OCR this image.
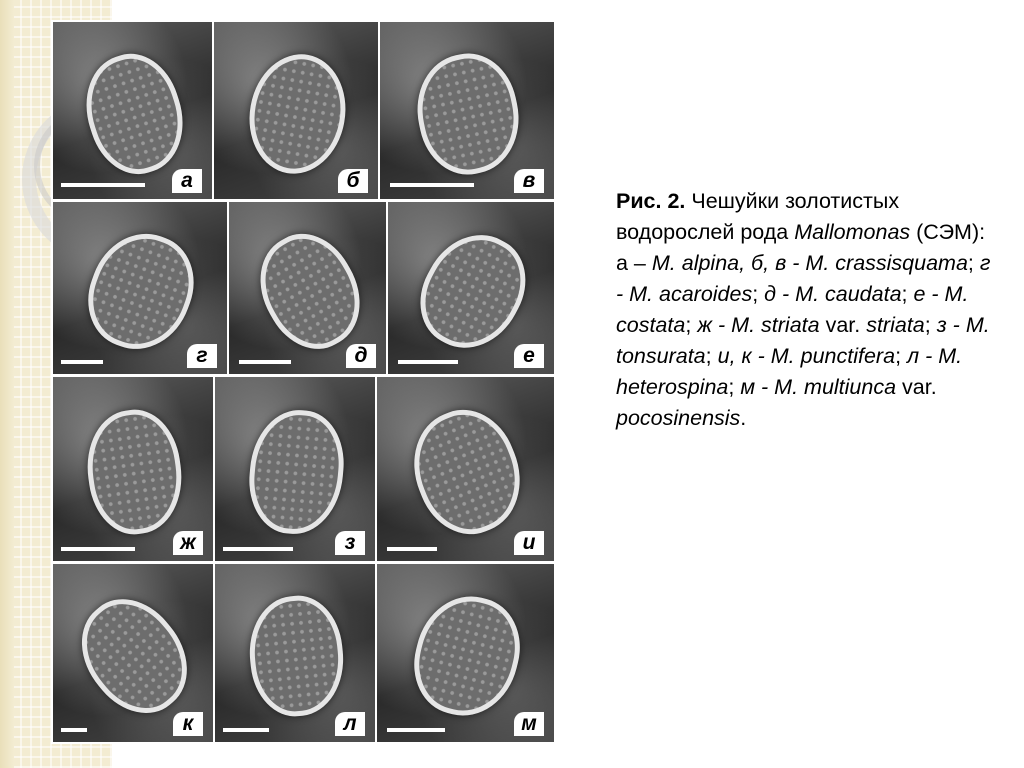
а	б	в
г	д	е
ж	з	и
к	л	м
Рис. 2. Чешуйки золотистых водорослей рода Mallomonas (СЭМ): а – M. alpina, б, в - M. crassisquama; г - M. acaroides; д - M. caudata; е - M. costata; ж - M. striata var. striata; з - M. tonsurata; и, к - M. punctifera; л - M. heterospina; м - M. multiunca var. pocosinensis.
